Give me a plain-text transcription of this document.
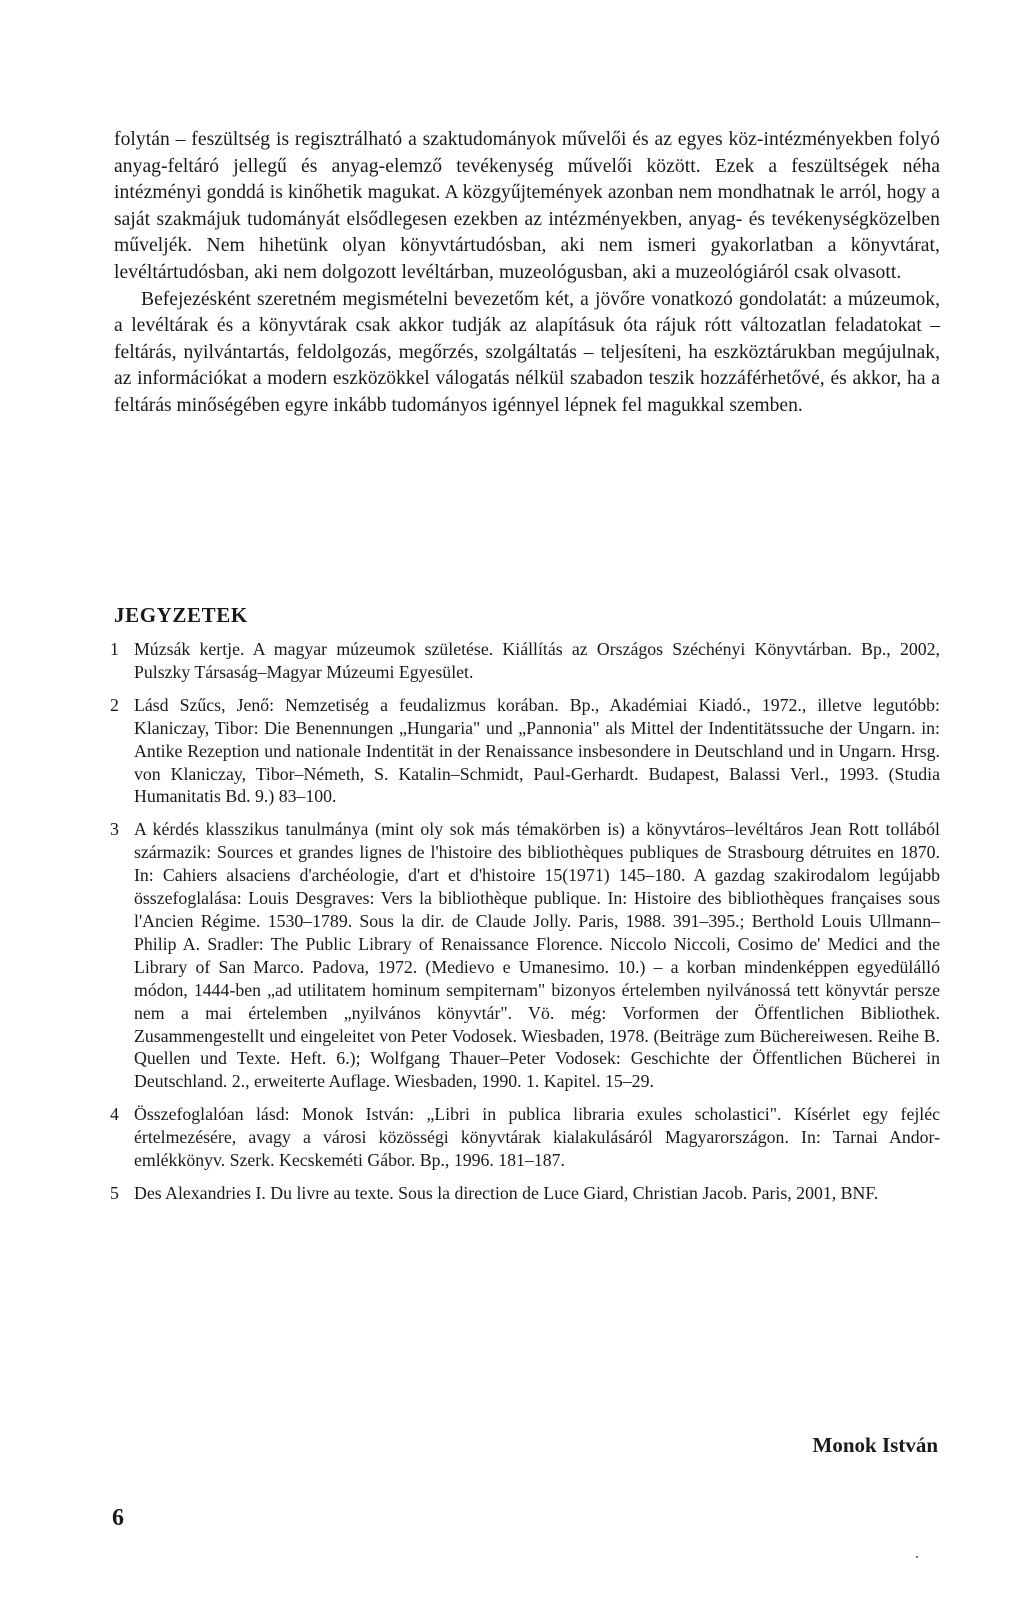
folytán – feszültség is regisztrálható a szaktudományok művelői és az egyes köz-intézményekben folyó anyag-feltáró jellegű és anyag-elemző tevékenység művelői között. Ezek a feszültségek néha intézményi gonddá is kinőhetik magukat. A közgyűjtemények azonban nem mondhatnak le arról, hogy a saját szakmájuk tudományát elsődlegesen ezekben az intézményekben, anyag- és tevékenységközelben műveljék. Nem hihetünk olyan könyvtártudósban, aki nem ismeri gyakorlatban a könyvtárat, levéltártudósban, aki nem dolgozott levéltárban, muzeológusban, aki a muzeológiáról csak olvasott.

Befejezésként szeretném megismételni bevezetőm két, a jövőre vonatkozó gondolatát: a múzeumok, a levéltárak és a könyvtárak csak akkor tudják az alapításuk óta rájuk rótt változatlan feladatokat – feltárás, nyilvántartás, feldolgozás, megőrzés, szolgáltatás – teljesíteni, ha eszköztárukban megújulnak, az információkat a modern eszközökkel válogatás nélkül szabadon teszik hozzáférhetővé, és akkor, ha a feltárás minőségében egyre inkább tudományos igénnyel lépnek fel magukkal szemben.

JEGYZETEK
1 Múzsák kertje. A magyar múzeumok születése. Kiállítás az Országos Széchényi Könyvtárban. Bp., 2002, Pulszky Társaság–Magyar Múzeumi Egyesület.
2 Lásd Szűcs, Jenő: Nemzetiség a feudalizmus korában. Bp., Akadémiai Kiadó., 1972., illetve legutóbb: Klaniczay, Tibor: Die Benennungen „Hungaria" und „Pannonia" als Mittel der Indentitätssuche der Ungarn. in: Antike Rezeption und nationale Indentität in der Renaissance insbesondere in Deutschland und in Ungarn. Hrsg. von Klaniczay, Tibor–Németh, S. Katalin–Schmidt, Paul-Gerhardt. Budapest, Balassi Verl., 1993. (Studia Humanitatis Bd. 9.) 83–100.
3 A kérdés klasszikus tanulmánya (mint oly sok más témakörben is) a könyvtáros–levéltáros Jean Rott tollából származik: Sources et grandes lignes de l'histoire des bibliothèques publiques de Strasbourg détruites en 1870. In: Cahiers alsaciens d'archéologie, d'art et d'histoire 15(1971) 145–180. A gazdag szakirodalom legújabb összefoglalása: Louis Desgraves: Vers la bibliothèque publique. In: Histoire des bibliothèques françaises sous l'Ancien Régime. 1530–1789. Sous la dir. de Claude Jolly. Paris, 1988. 391–395.; Berthold Louis Ullmann–Philip A. Sradler: The Public Library of Renaissance Florence. Niccolo Niccoli, Cosimo de' Medici and the Library of San Marco. Padova, 1972. (Medievo e Umanesimo. 10.) – a korban mindenképpen egyedülálló módon, 1444-ben „ad utilitatem hominum sempiternam" bizonyos értelemben nyilvánossá tett könyvtár persze nem a mai értelemben „nyilvános könyvtár". Vö. még: Vorformen der Öffentlichen Bibliothek. Zusammengestellt und eingeleitet von Peter Vodosek. Wiesbaden, 1978. (Beiträge zum Büchereiwesen. Reihe B. Quellen und Texte. Heft. 6.); Wolfgang Thauer–Peter Vodosek: Geschichte der Öffentlichen Bücherei in Deutschland. 2., erweiterte Auflage. Wiesbaden, 1990. 1. Kapitel. 15–29.
4 Összefoglalóan lásd: Monok István: „Libri in publica libraria exules scholastici". Kísérlet egy fejléc értelmezésére, avagy a városi közösségi könyvtárak kialakulásáról Magyarországon. In: Tarnai Andor-emlékkönyv. Szerk. Kecskeméti Gábor. Bp., 1996. 181–187.
5 Des Alexandries I. Du livre au texte. Sous la direction de Luce Giard, Christian Jacob. Paris, 2001, BNF.

Monok István

6
